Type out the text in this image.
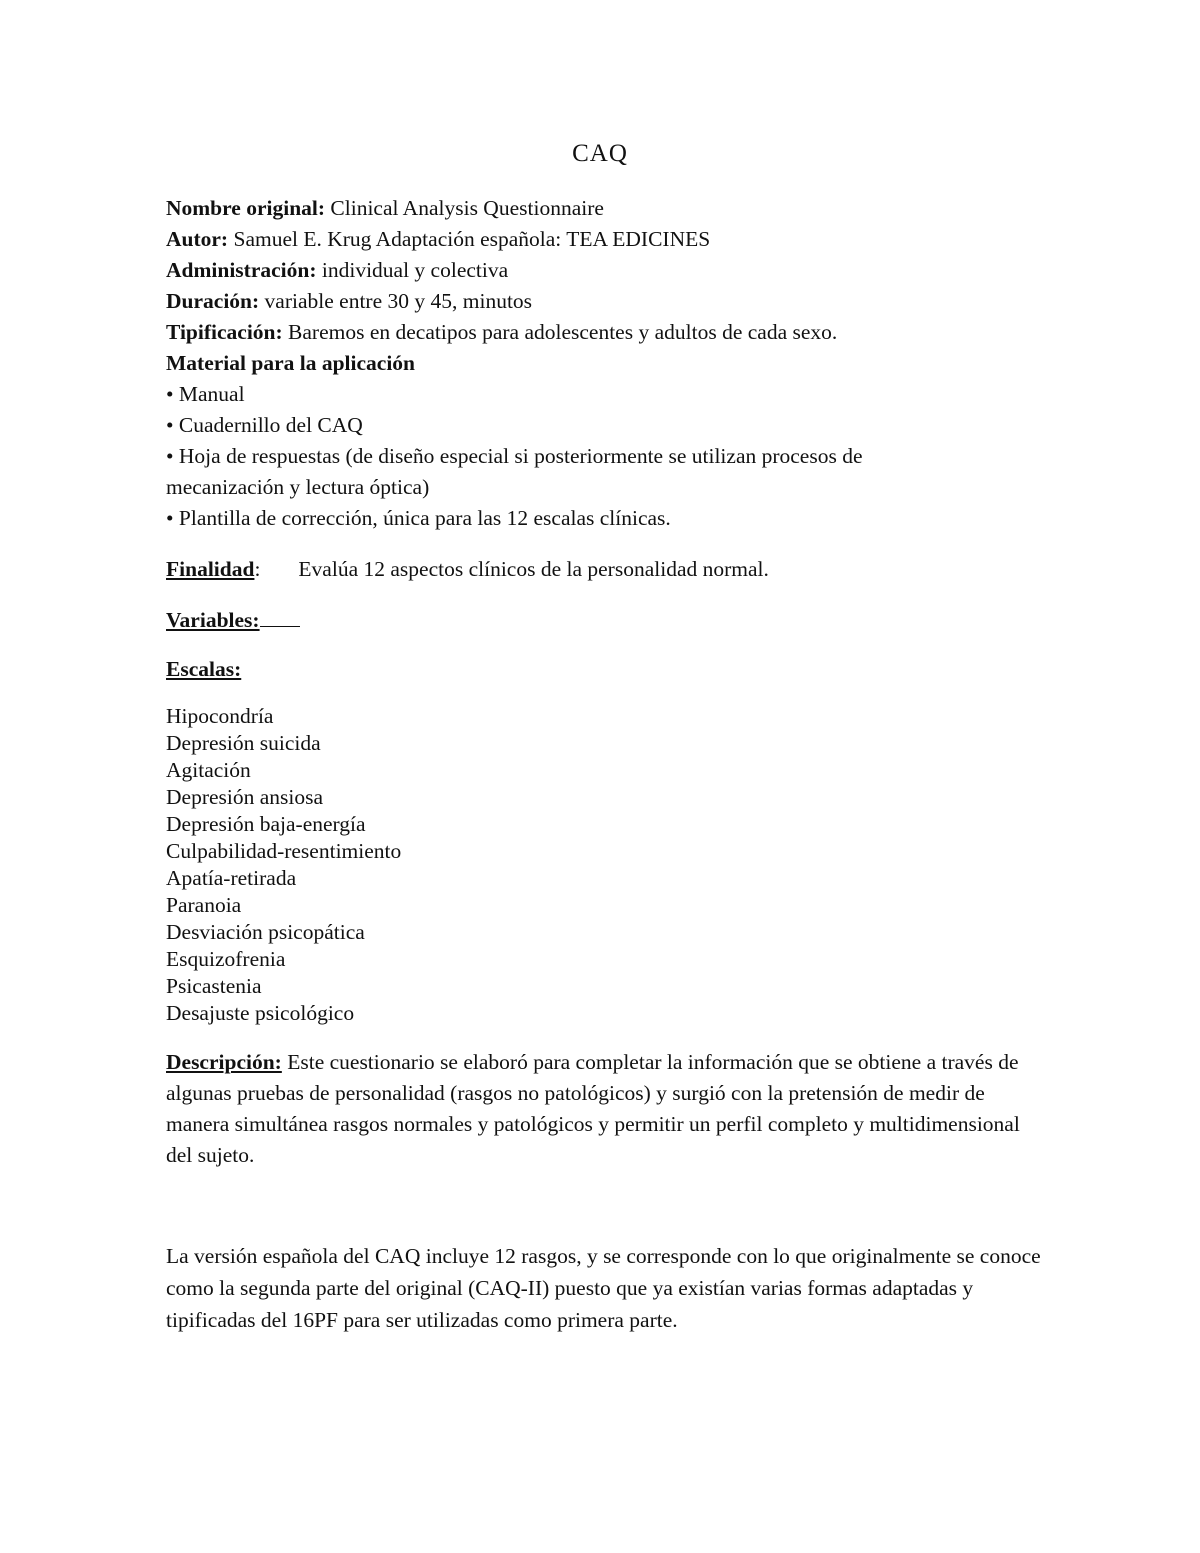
CAQ
Nombre original: Clinical Analysis Questionnaire
Autor: Samuel E. Krug Adaptación española: TEA EDICINES
Administración: individual y colectiva
Duración: variable entre 30 y 45, minutos
Tipificación: Baremos en decatipos para adolescentes y adultos de cada sexo.
Material para la aplicación
• Manual
• Cuadernillo del CAQ
• Hoja de respuestas (de diseño especial si posteriormente se utilizan procesos de mecanización y lectura óptica)
• Plantilla de corrección, única para las 12 escalas clínicas.
Finalidad: Evalúa 12 aspectos clínicos de la personalidad normal.
Variables:
Escalas:
Hipocondría
Depresión suicida
Agitación
Depresión ansiosa
Depresión baja-energía
Culpabilidad-resentimiento
Apatía-retirada
Paranoia
Desviación psicopática
Esquizofrenia
Psicastenia
Desajuste psicológico
Descripción: Este cuestionario se elaboró para completar la información que se obtiene a través de algunas pruebas de personalidad (rasgos no patológicos) y surgió con la pretensión de medir de manera simultánea rasgos normales y patológicos y permitir un perfil completo y multidimensional del sujeto.
La versión española del CAQ incluye 12 rasgos, y se corresponde con lo que originalmente se conoce como la segunda parte del original (CAQ-II) puesto que ya existían varias formas adaptadas y tipificadas del 16PF para ser utilizadas como primera parte.
